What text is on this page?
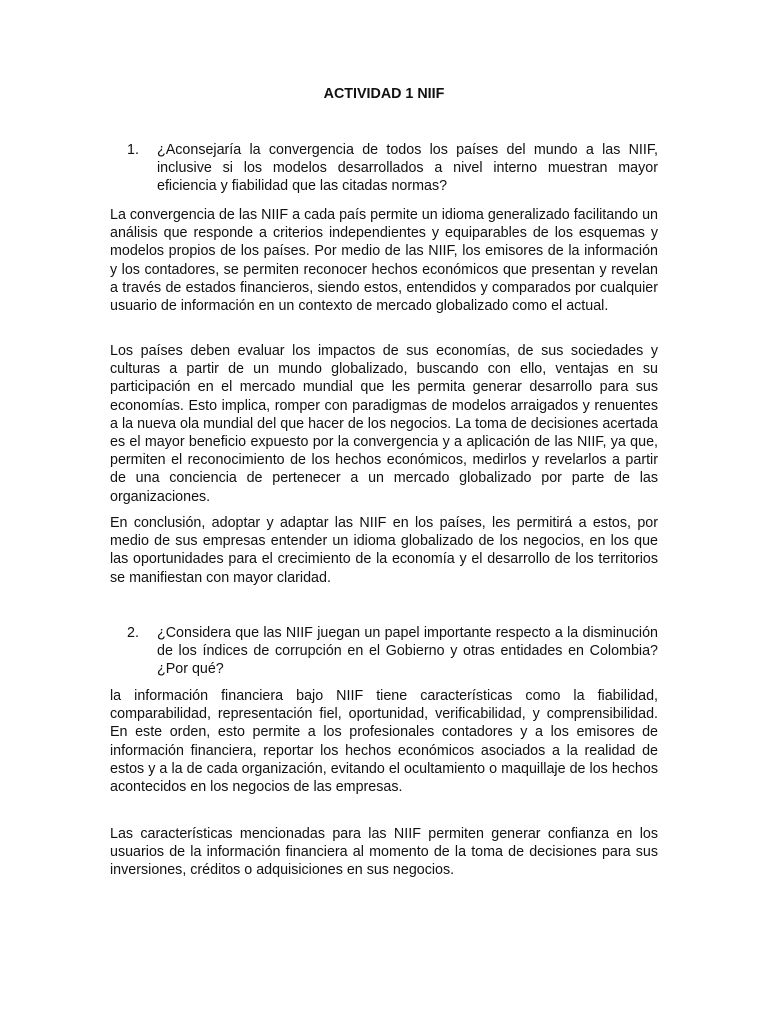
ACTIVIDAD 1 NIIF
1.	¿Aconsejaría la convergencia de todos los países del mundo a las NIIF, inclusive si los modelos desarrollados a nivel interno muestran mayor eficiencia y fiabilidad que las citadas normas?

La convergencia de las NIIF a cada país permite un idioma generalizado facilitando un análisis que responde a criterios independientes y equiparables de los esquemas y modelos propios de los países. Por medio de las NIIF, los emisores de la información y los contadores, se permiten reconocer hechos económicos que presentan y revelan a través de estados financieros, siendo estos, entendidos y comparados por cualquier usuario de información en un contexto de mercado globalizado como el actual.

Los países deben evaluar los impactos de sus economías, de sus sociedades y culturas a partir de un mundo globalizado, buscando con ello, ventajas en su participación en el mercado mundial que les permita generar desarrollo para sus economías. Esto implica, romper con paradigmas de modelos arraigados y renuentes a la nueva ola mundial del que hacer de los negocios. La toma de decisiones acertada es el mayor beneficio expuesto por la convergencia y a aplicación de las NIIF, ya que, permiten el reconocimiento de los hechos económicos, medirlos y revelarlos a partir de una conciencia de pertenecer a un mercado globalizado por parte de las organizaciones.

En conclusión, adoptar y adaptar las NIIF en los países, les permitirá a estos, por medio de sus empresas entender un idioma globalizado de los negocios, en los que las oportunidades para el crecimiento de la economía y el desarrollo de los territorios se manifiestan con mayor claridad.

2.	¿Considera que las NIIF juegan un papel importante respecto a la disminución de los índices de corrupción en el Gobierno y otras entidades en Colombia? ¿Por qué?

la información financiera bajo NIIF tiene características como la fiabilidad, comparabilidad, representación fiel, oportunidad, verificabilidad, y comprensibilidad. En este orden, esto permite a los profesionales contadores y a los emisores de información financiera, reportar los hechos económicos asociados a la realidad de estos y a la de cada organización, evitando el ocultamiento o maquillaje de los hechos acontecidos en los negocios de las empresas.

Las características mencionadas para las NIIF permiten generar confianza en los usuarios de la información financiera al momento de la toma de decisiones para sus inversiones, créditos o adquisiciones en sus negocios.
